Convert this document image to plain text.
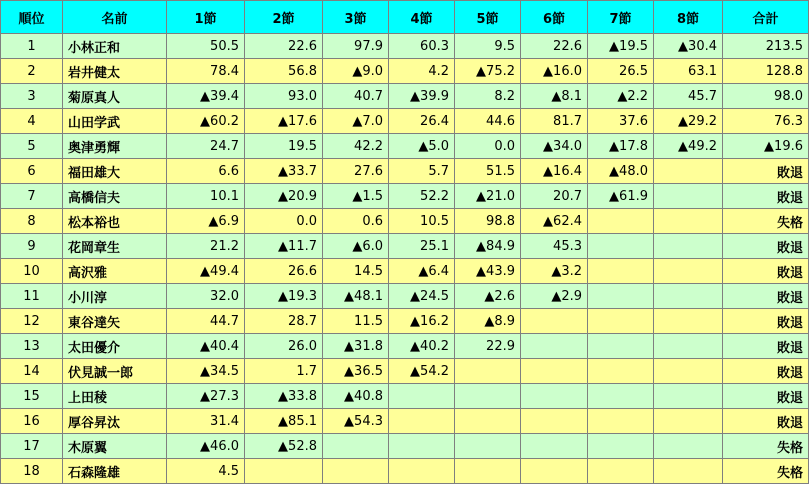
順位	名前	1節	2節	3節	4節	5節	6節	7節	8節	合計
1	小林正和	50.5	22.6	97.9	60.3	9.5	22.6	▲19.5	▲30.4	213.5
2	岩井健太	78.4	56.8	▲9.0	4.2	▲75.2	▲16.0	26.5	63.1	128.8
3	菊原真人	▲39.4	93.0	40.7	▲39.9	8.2	▲8.1	▲2.2	45.7	98.0
4	山田学武	▲60.2	▲17.6	▲7.0	26.4	44.6	81.7	37.6	▲29.2	76.3
5	奥津勇輝	24.7	19.5	42.2	▲5.0	0.0	▲34.0	▲17.8	▲49.2	▲19.6
6	福田雄大	6.6	▲33.7	27.6	5.7	51.5	▲16.4	▲48.0		敗退
7	高橋信夫	10.1	▲20.9	▲1.5	52.2	▲21.0	20.7	▲61.9		敗退
8	松本裕也	▲6.9	0.0	0.6	10.5	98.8	▲62.4			失格
9	花岡章生	21.2	▲11.7	▲6.0	25.1	▲84.9	45.3			敗退
10	高沢雅	▲49.4	26.6	14.5	▲6.4	▲43.9	▲3.2			敗退
11	小川淳	32.0	▲19.3	▲48.1	▲24.5	▲2.6	▲2.9			敗退
12	東谷達矢	44.7	28.7	11.5	▲16.2	▲8.9				敗退
13	太田優介	▲40.4	26.0	▲31.8	▲40.2	22.9				敗退
14	伏見誠一郎	▲34.5	1.7	▲36.5	▲54.2					敗退
15	上田稜	▲27.3	▲33.8	▲40.8						敗退
16	厚谷昇汰	31.4	▲85.1	▲54.3						敗退
17	木原翼	▲46.0	▲52.8							失格
18	石森隆雄	4.5								失格
